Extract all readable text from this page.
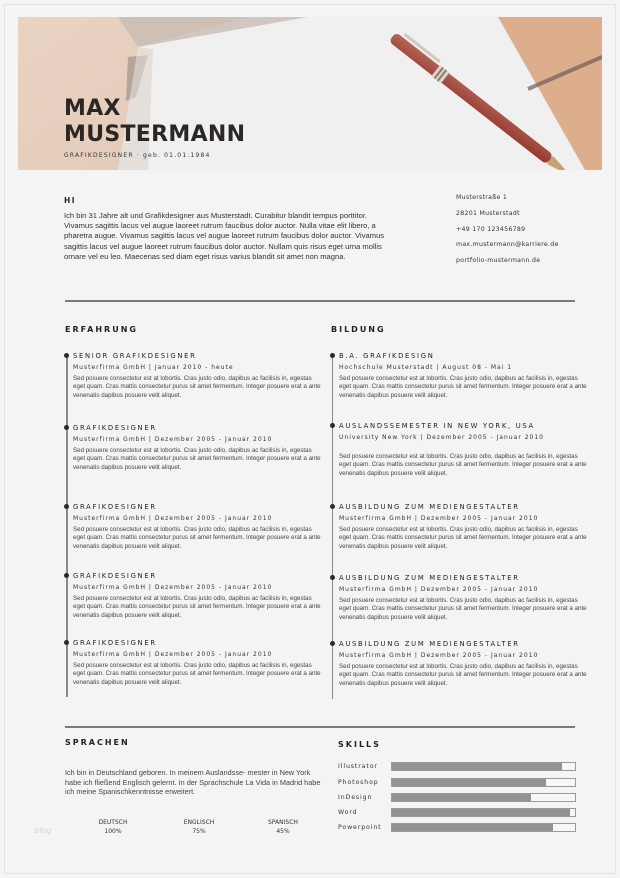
MAX
MUSTERMANN
GRAFIKDESIGNER · geb. 01.01.1984
HI
Ich bin 31 Jahre alt und Grafikdesigner aus Musterstadt. Curabitur blandit tempus porttitor. Vivamus sagittis lacus vel augue laoreet rutrum faucibus dolor auctor. Nulla vitae elit libero, a pharetra augue. Vivamus sagittis lacus vel augue laoreet rutrum faucibus dolor auctor. Vivamus sagittis lacus vel augue laoreet rutrum faucibus dolor auctor. Nullam quis risus eget urna mollis ornare vel eu leo. Maecenas sed diam eget risus varius blandit sit amet non magna.
Musterstraße 1
28201 Musterstadt
+49 170 123456789
max.mustermann@karriere.de
portfolio-mustermann.de
ERFAHRUNG
SENIOR GRAFIKDESIGNER
Musterfirma GmbH | Januar 2010 - heute
Sed posuere consectetur est at lobortis. Cras justo odio, dapibus ac facilisis in, egestas eget quam. Cras mattis consectetur purus sit amet fermentum. Integer posuere erat a ante venenatis dapibus posuere velit aliquet.
GRAFIKDESIGNER
Musterfirma GmbH | Dezember 2005 - Januar 2010
Sed posuere consectetur est at lobortis. Cras justo odio, dapibus ac facilisis in, egestas eget quam. Cras mattis consectetur purus sit amet fermentum. Integer posuere erat a ante venenatis dapibus posuere velit aliquet.
GRAFIKDESIGNER
Musterfirma GmbH | Dezember 2005 - Januar 2010
Sed posuere consectetur est at lobortis. Cras justo odio, dapibus ac facilisis in, egestas eget quam. Cras mattis consectetur purus sit amet fermentum. Integer posuere erat a ante venenatis dapibus posuere velit aliquet.
GRAFIKDESIGNER
Musterfirma GmbH | Dezember 2005 - Januar 2010
Sed posuere consectetur est at lobortis. Cras justo odio, dapibus ac facilisis in, egestas eget quam. Cras mattis consectetur purus sit amet fermentum. Integer posuere erat a ante venenatis dapibus posuere velit aliquet.
GRAFIKDESIGNER
Musterfirma GmbH | Dezember 2005 - Januar 2010
Sed posuere consectetur est at lobortis. Cras justo odio, dapibus ac facilisis in, egestas eget quam. Cras mattis consectetur purus sit amet fermentum. Integer posuere erat a ante venenatis dapibus posuere velit aliquet.
BILDUNG
B.A. GRAFIKDESIGN
Hochschule Musterstadt | August 08 - Mai 1
Sed posuere consectetur est at lobortis. Cras justo odio, dapibus ac facilisis in, egestas eget quam. Cras mattis consectetur purus sit amet fermentum. Integer posuere erat a ante venenatis dapibus posuere velit aliquet.
AUSLANDSSEMESTER IN NEW YORK, USA
University New York | Dezember 2005 - Januar 2010
Sed posuere consectetur est at lobortis. Cras justo odio, dapibus ac facilisis in, egestas eget quam. Cras mattis consectetur purus sit amet fermentum. Integer posuere erat a ante venenatis dapibus posuere velit aliquet.
AUSBILDUNG ZUM MEDIENGESTALTER
Musterfirma GmbH | Dezember 2005 - Januar 2010
Sed posuere consectetur est at lobortis. Cras justo odio, dapibus ac facilisis in, egestas eget quam. Cras mattis consectetur purus sit amet fermentum. Integer posuere erat a ante venenatis dapibus posuere velit aliquet.
AUSBILDUNG ZUM MEDIENGESTALTER
Musterfirma GmbH | Dezember 2005 - Januar 2010
Sed posuere consectetur est at lobortis. Cras justo odio, dapibus ac facilisis in, egestas eget quam. Cras mattis consectetur purus sit amet fermentum. Integer posuere erat a ante venenatis dapibus posuere velit aliquet.
AUSBILDUNG ZUM MEDIENGESTALTER
Musterfirma GmbH | Dezember 2005 - Januar 2010
Sed posuere consectetur est at lobortis. Cras justo odio, dapibus ac facilisis in, egestas eget quam. Cras mattis consectetur purus sit amet fermentum. Integer posuere erat a ante venenatis dapibus posuere velit aliquet.
SPRACHEN
Ich bin in Deutschland geboren. In meinem Auslandsse- mester in New York habe ich fließend Englisch gelernt. In der Sprachschule La Vida in Madrid habe ich meine Spanischkenntnisse erweitert.
DEUTSCH
100%
ENGLISCH
75%
SPANISCH
45%
blog
SKILLS
Illustrator
Photoshop
InDesign
Word
Powerpoint
